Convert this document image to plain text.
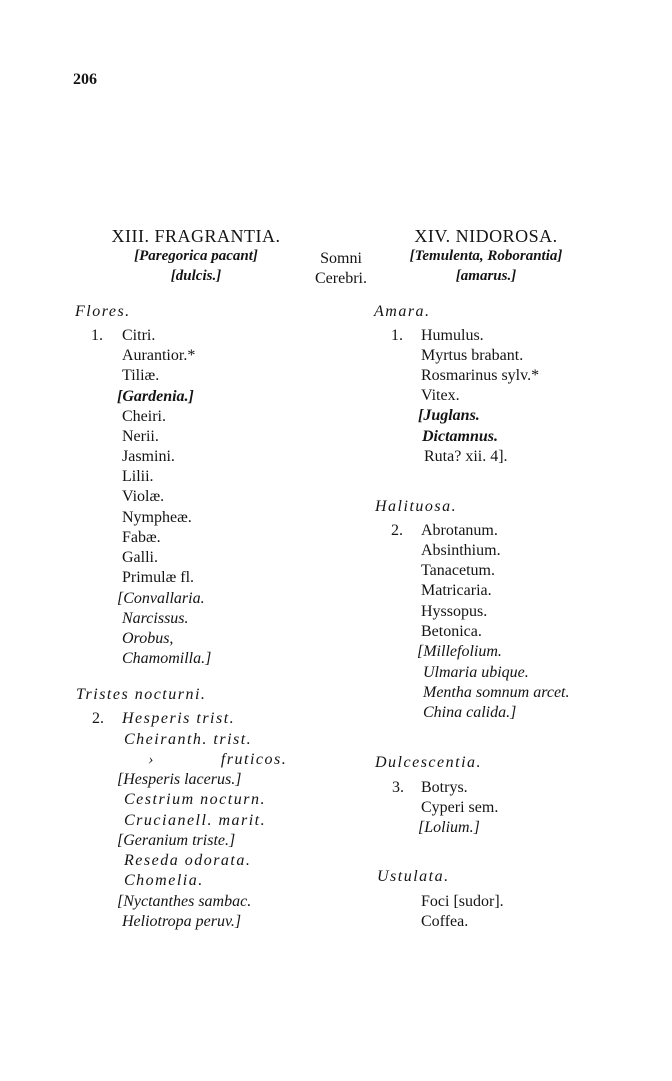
206
XIII. FRAGRANTIA.
[Paregorica pacant]
[dulcis.]
Somni
Cerebri.
XIV. NIDOROSA.
[Temulenta, Roborantia]
[amarus.]
Flores.
1. Citri.
Aurantior.*
Tiliæ.
[Gardenia.]
Cheiri.
Nerii.
Jasmini.
Lilii.
Violæ.
Nympheæ.
Fabæ.
Galli.
Primulæ fl.
[Convallaria.
Narcissus.
Orobus,
Chamomilla.]
Tristes nocturni.
2. Hesperis trist.
Cheiranth. trist.
›            fruticos.
[Hesperis lacerus.]
Cestrium nocturn.
Crucianell. marit.
[Geranium triste.]
Reseda odorata.
Chomelia.
[Nyctanthes sambac.
Heliotropa peruv.]
Amara.
1. Humulus.
Myrtus brabant.
Rosmarinus sylv.*
Vitex.
[Juglans.
Dictamnus.
Ruta? xii. 4].
Halituosa.
2. Abrotanum.
Absinthium.
Tanacetum.
Matricaria.
Hyssopus.
Betonica.
[Millefolium.
Ulmaria ubique.
Mentha somnum arcet.
China calida.]
Dulcescentia.
3. Botrys.
Cyperi sem.
[Lolium.]
Ustulata.
Foci [sudor].
Coffea.
